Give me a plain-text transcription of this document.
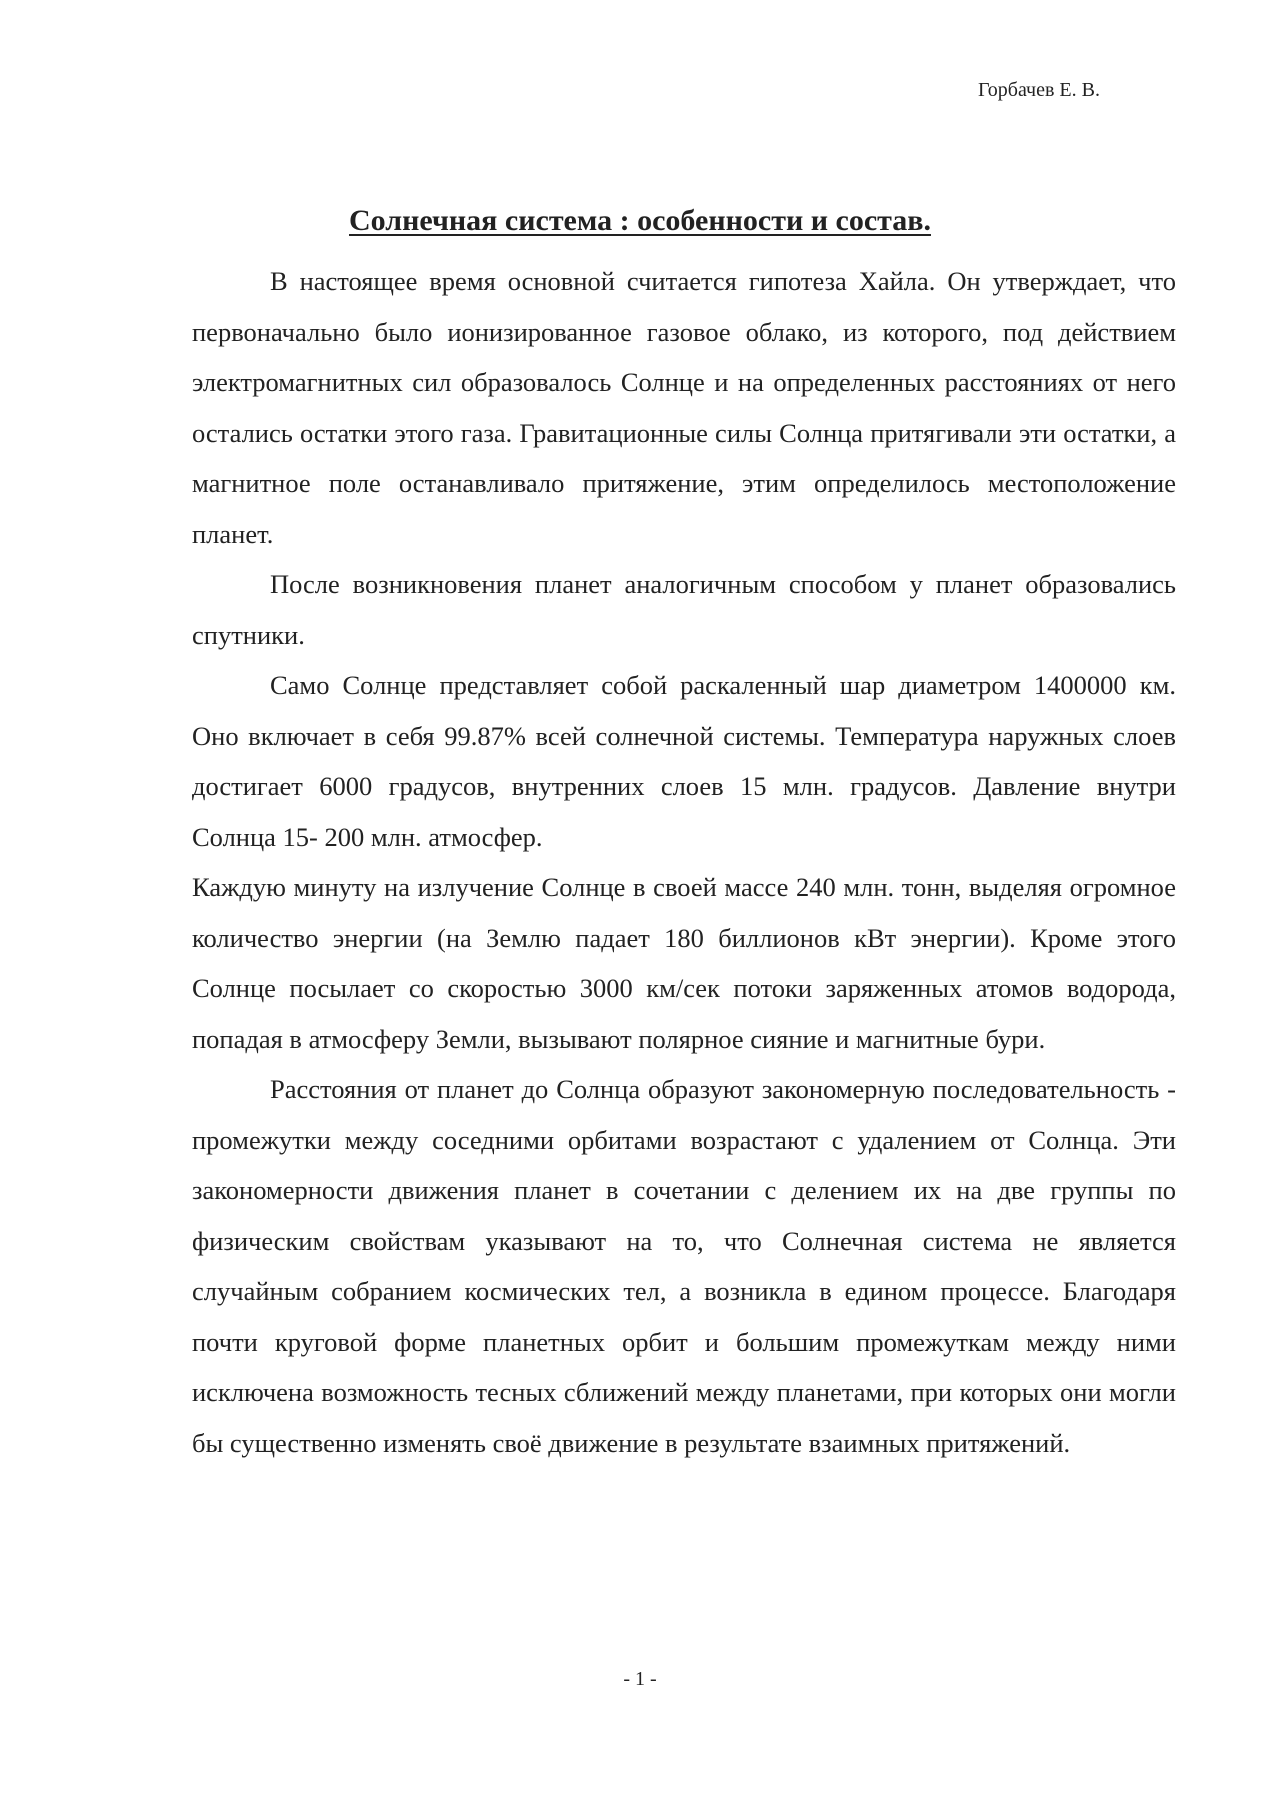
Горбачев Е. В.
Солнечная система : особенности и состав.

В настоящее время основной считается гипотеза Хайла. Он утверждает, что первоначально было ионизированное газовое облако, из которого, под действием электромагнитных сил образовалось Солнце и на определенных расстояниях от него остались остатки этого газа. Гравитационные силы Солнца притягивали эти остатки, а магнитное поле останавливало притяжение, этим определилось местоположение планет.

После возникновения планет аналогичным способом у планет образовались спутники.

Само Солнце представляет собой раскаленный шар диаметром 1400000 км. Оно включает в себя 99.87% всей солнечной системы. Температура наружных слоев достигает 6000 градусов, внутренних слоев 15 млн. градусов. Давление внутри Солнца 15- 200 млн. атмосфер.

Каждую минуту на излучение Солнце в своей массе 240 млн. тонн, выделяя огромное количество энергии (на Землю падает 180 биллионов кВт энергии). Кроме этого Солнце посылает со скоростью 3000 км/сек потоки заряженных атомов водорода, попадая в атмосферу Земли, вызывают полярное сияние и магнитные бури.

Расстояния от планет до Солнца образуют закономерную последовательность - промежутки между соседними орбитами возрастают с удалением от Солнца. Эти закономерности движения планет в сочетании с делением их на две группы по физическим свойствам указывают на то, что Солнечная система не является случайным собранием космических тел, а возникла в едином процессе. Благодаря почти круговой форме планетных орбит и большим промежуткам между ними исключена возможность тесных сближений между планетами, при которых они могли бы существенно изменять своё движение в результате взаимных притяжений.

- 1 -
